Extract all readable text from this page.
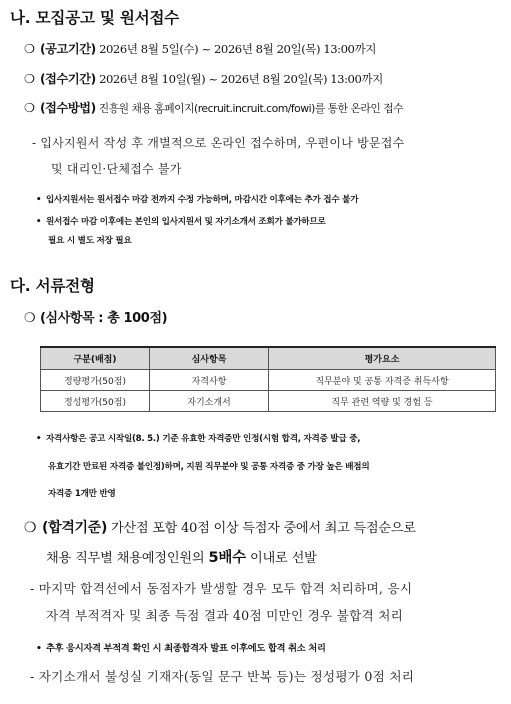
나. 모집공고 및 원서접수
❍ (공고기간) 2026년 8월 5일(수) ~ 2026년 8월 20일(목) 13:00까지
❍ (접수기간) 2026년 8월 10일(월) ~ 2026년 8월 20일(목) 13:00까지
❍ (접수방법) 진흥원 채용 홈페이지(recruit.incruit.com/fowi)를 통한 온라인 접수
- 입사지원서 작성 후 개별적으로 온라인 접수하며, 우편이나 방문접수
및 대리인·단체접수 불가
• 입사지원서는 원서접수 마감 전까지 수정 가능하며, 마감시간 이후에는 추가 접수 불가
• 원서접수 마감 이후에는 본인의 입사지원서 및 자기소개서 조회가 불가하므로
필요 시 별도 저장 필요
다. 서류전형
❍ (심사항목 : 총 100점)
구분(배점)	심사항목	평가요소
정량평가(50점)	자격사항	직무분야 및 공통 자격증 취득사항
정성평가(50점)	자기소개서	직무 관련 역량 및 경험 등
• 자격사항은 공고 시작일(8. 5.) 기준 유효한 자격증만 인정(시험 합격, 자격증 발급 중,
유효기간 만료된 자격증 불인정)하며, 지원 직무분야 및 공통 자격증 중 가장 높은 배점의
자격증 1개만 반영
❍ (합격기준) 가산점 포함 40점 이상 득점자 중에서 최고 득점순으로
채용 직무별 채용예정인원의 5배수 이내로 선발
- 마지막 합격선에서 동점자가 발생할 경우 모두 합격 처리하며, 응시
자격 부적격자 및 최종 득점 결과 40점 미만인 경우 불합격 처리
• 추후 응시자격 부적격 확인 시 최종합격자 발표 이후에도 합격 취소 처리
- 자기소개서 불성실 기재자(동일 문구 반복 등)는 정성평가 0점 처리
